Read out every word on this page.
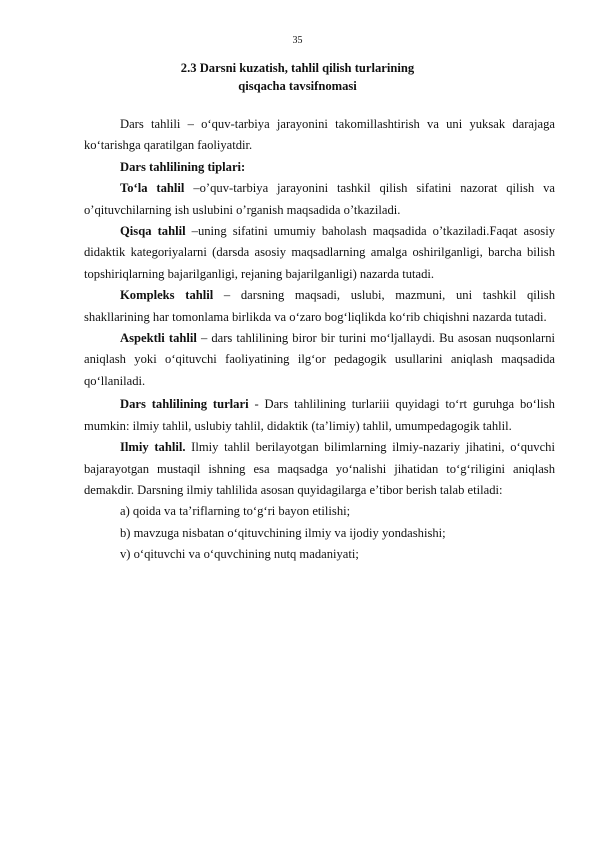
35
2.3 Darsni kuzatish, tahlil qilish turlarining
qisqacha tavsifnomasi

Dars tahlili – o‘quv-tarbiya jarayonini takomillashtirish va uni yuksak darajaga ko‘tarishga qaratilgan faoliyatdir.

Dars tahlilining tiplari:

To‘la tahlil –o’quv-tarbiya jarayonini tashkil qilish sifatini nazorat qilish va o’qituvchilarning ish uslubini o’rganish maqsadida o’tkaziladi.

Qisqa tahlil –uning sifatini umumiy baholash maqsadida o’tkaziladi.Faqat asosiy didaktik kategoriyalarni (darsda asosiy maqsadlarning amalga oshirilganligi, barcha bilish topshiriqlarning bajarilganligi, rejaning bajarilganligi) nazarda tutadi.

Kompleks tahlil – darsning maqsadi, uslubi, mazmuni, uni tashkil qilish shakllarining har tomonlama birlikda va o‘zaro bog‘liqlikda ko‘rib chiqishni nazarda tutadi.

Aspektli tahlil – dars tahlilining biror bir turini mo‘ljallaydi. Bu asosan nuqsonlarni aniqlash yoki o‘qituvchi faoliyatining ilg‘or pedagogik usullarini aniqlash maqsadida qo‘llaniladi.

Dars tahlilining turlari - Dars tahlilining turlariii quyidagi to‘rt guruhga bo‘lish mumkin: ilmiy tahlil, uslubiy tahlil, didaktik (ta’limiy) tahlil, umumpedagogik tahlil.

Ilmiy tahlil. Ilmiy tahlil berilayotgan bilimlarning ilmiy-nazariy jihatini, o‘quvchi bajarayotgan mustaqil ishning esa maqsadga yo‘nalishi jihatidan to‘g‘riligini aniqlash demakdir. Darsning ilmiy tahlilida asosan quyidagilarga e’tibor berish talab etiladi:

a) qoida va ta’riflarning to‘g‘ri bayon etilishi;

b) mavzuga nisbatan o‘qituvchining ilmiy va ijodiy yondashishi;

v) o‘qituvchi va o‘quvchining nutq madaniyati;
